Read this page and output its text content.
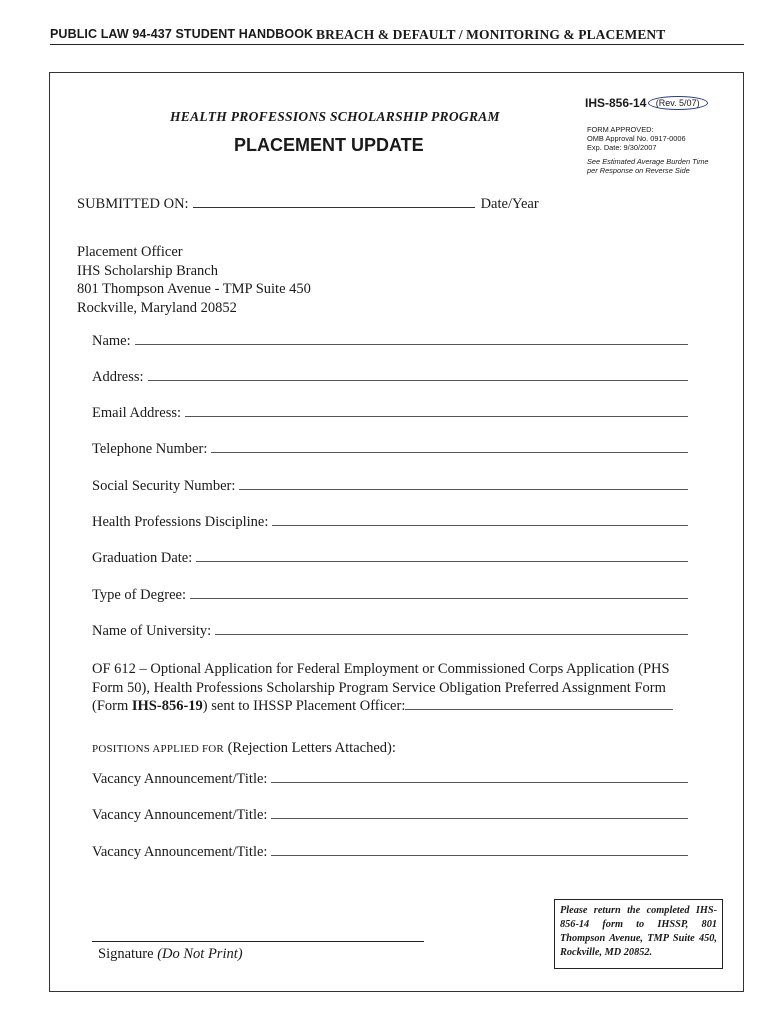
PUBLIC LAW 94-437 STUDENT HANDBOOK BREACH & DEFAULT / MONITORING & PLACEMENT
HEALTH PROFESSIONS SCHOLARSHIP PROGRAM
PLACEMENT UPDATE
IHS-856-14 (Rev. 5/07)
FORM APPROVED:
OMB Approval No. 0917-0006
Exp. Date: 9/30/2007
See Estimated Average Burden Time
per Response on Reverse Side
SUBMITTED ON:	Date/Year
Placement Officer
IHS Scholarship Branch
801 Thompson Avenue - TMP Suite 450
Rockville, Maryland 20852
Name:
Address:
Email Address:
Telephone Number:
Social Security Number:
Health Professions Discipline:
Graduation Date:
Type of Degree:
Name of University:
OF 612 – Optional Application for Federal Employment or Commissioned Corps Application (PHS
Form 50), Health Professions Scholarship Program Service Obligation Preferred Assignment Form
(Form IHS-856-19) sent to IHSSP Placement Officer:
POSITIONS APPLIED FOR (Rejection Letters Attached):
Vacancy Announcement/Title:
Vacancy Announcement/Title:
Vacancy Announcement/Title:
Signature (Do Not Print)
Please return the completed IHS-856-14 form to IHSSP, 801 Thompson Avenue, TMP Suite 450, Rockville, MD 20852.
